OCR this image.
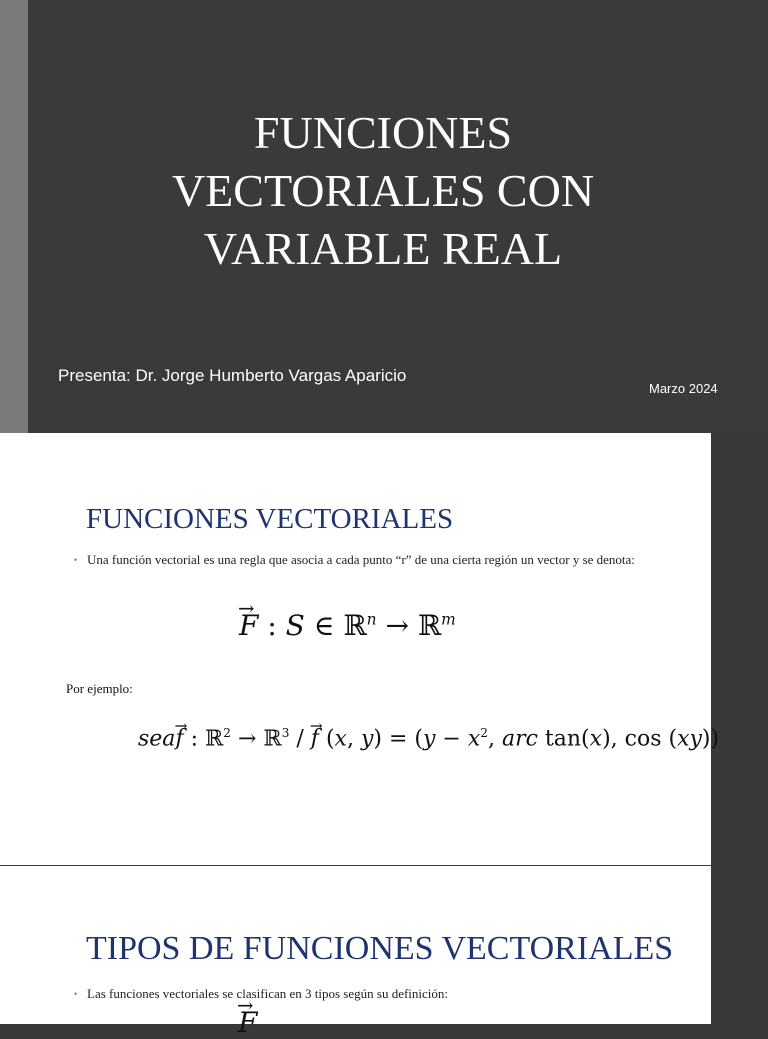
FUNCIONES
VECTORIALES CON
VARIABLE REAL
Presenta: Dr. Jorge Humberto Vargas Aparicio
Marzo 2024
FUNCIONES VECTORIALES
• Una función vectorial es una regla que asocia a cada punto “r” de una cierta región un vector y se denota:
→ F : S ∈ ℝ$^n$ → ℝ$^m$
Por ejemplo:
sea→ f : ℝ$^2$ → ℝ$^3$ / → f (x, $y) = (y - x^2$, arc tan(x), cos (xy))
TIPOS DE FUNCIONES VECTORIALES
• Las funciones vectoriales se clasifican en 3 tipos según su definición:
→ F
